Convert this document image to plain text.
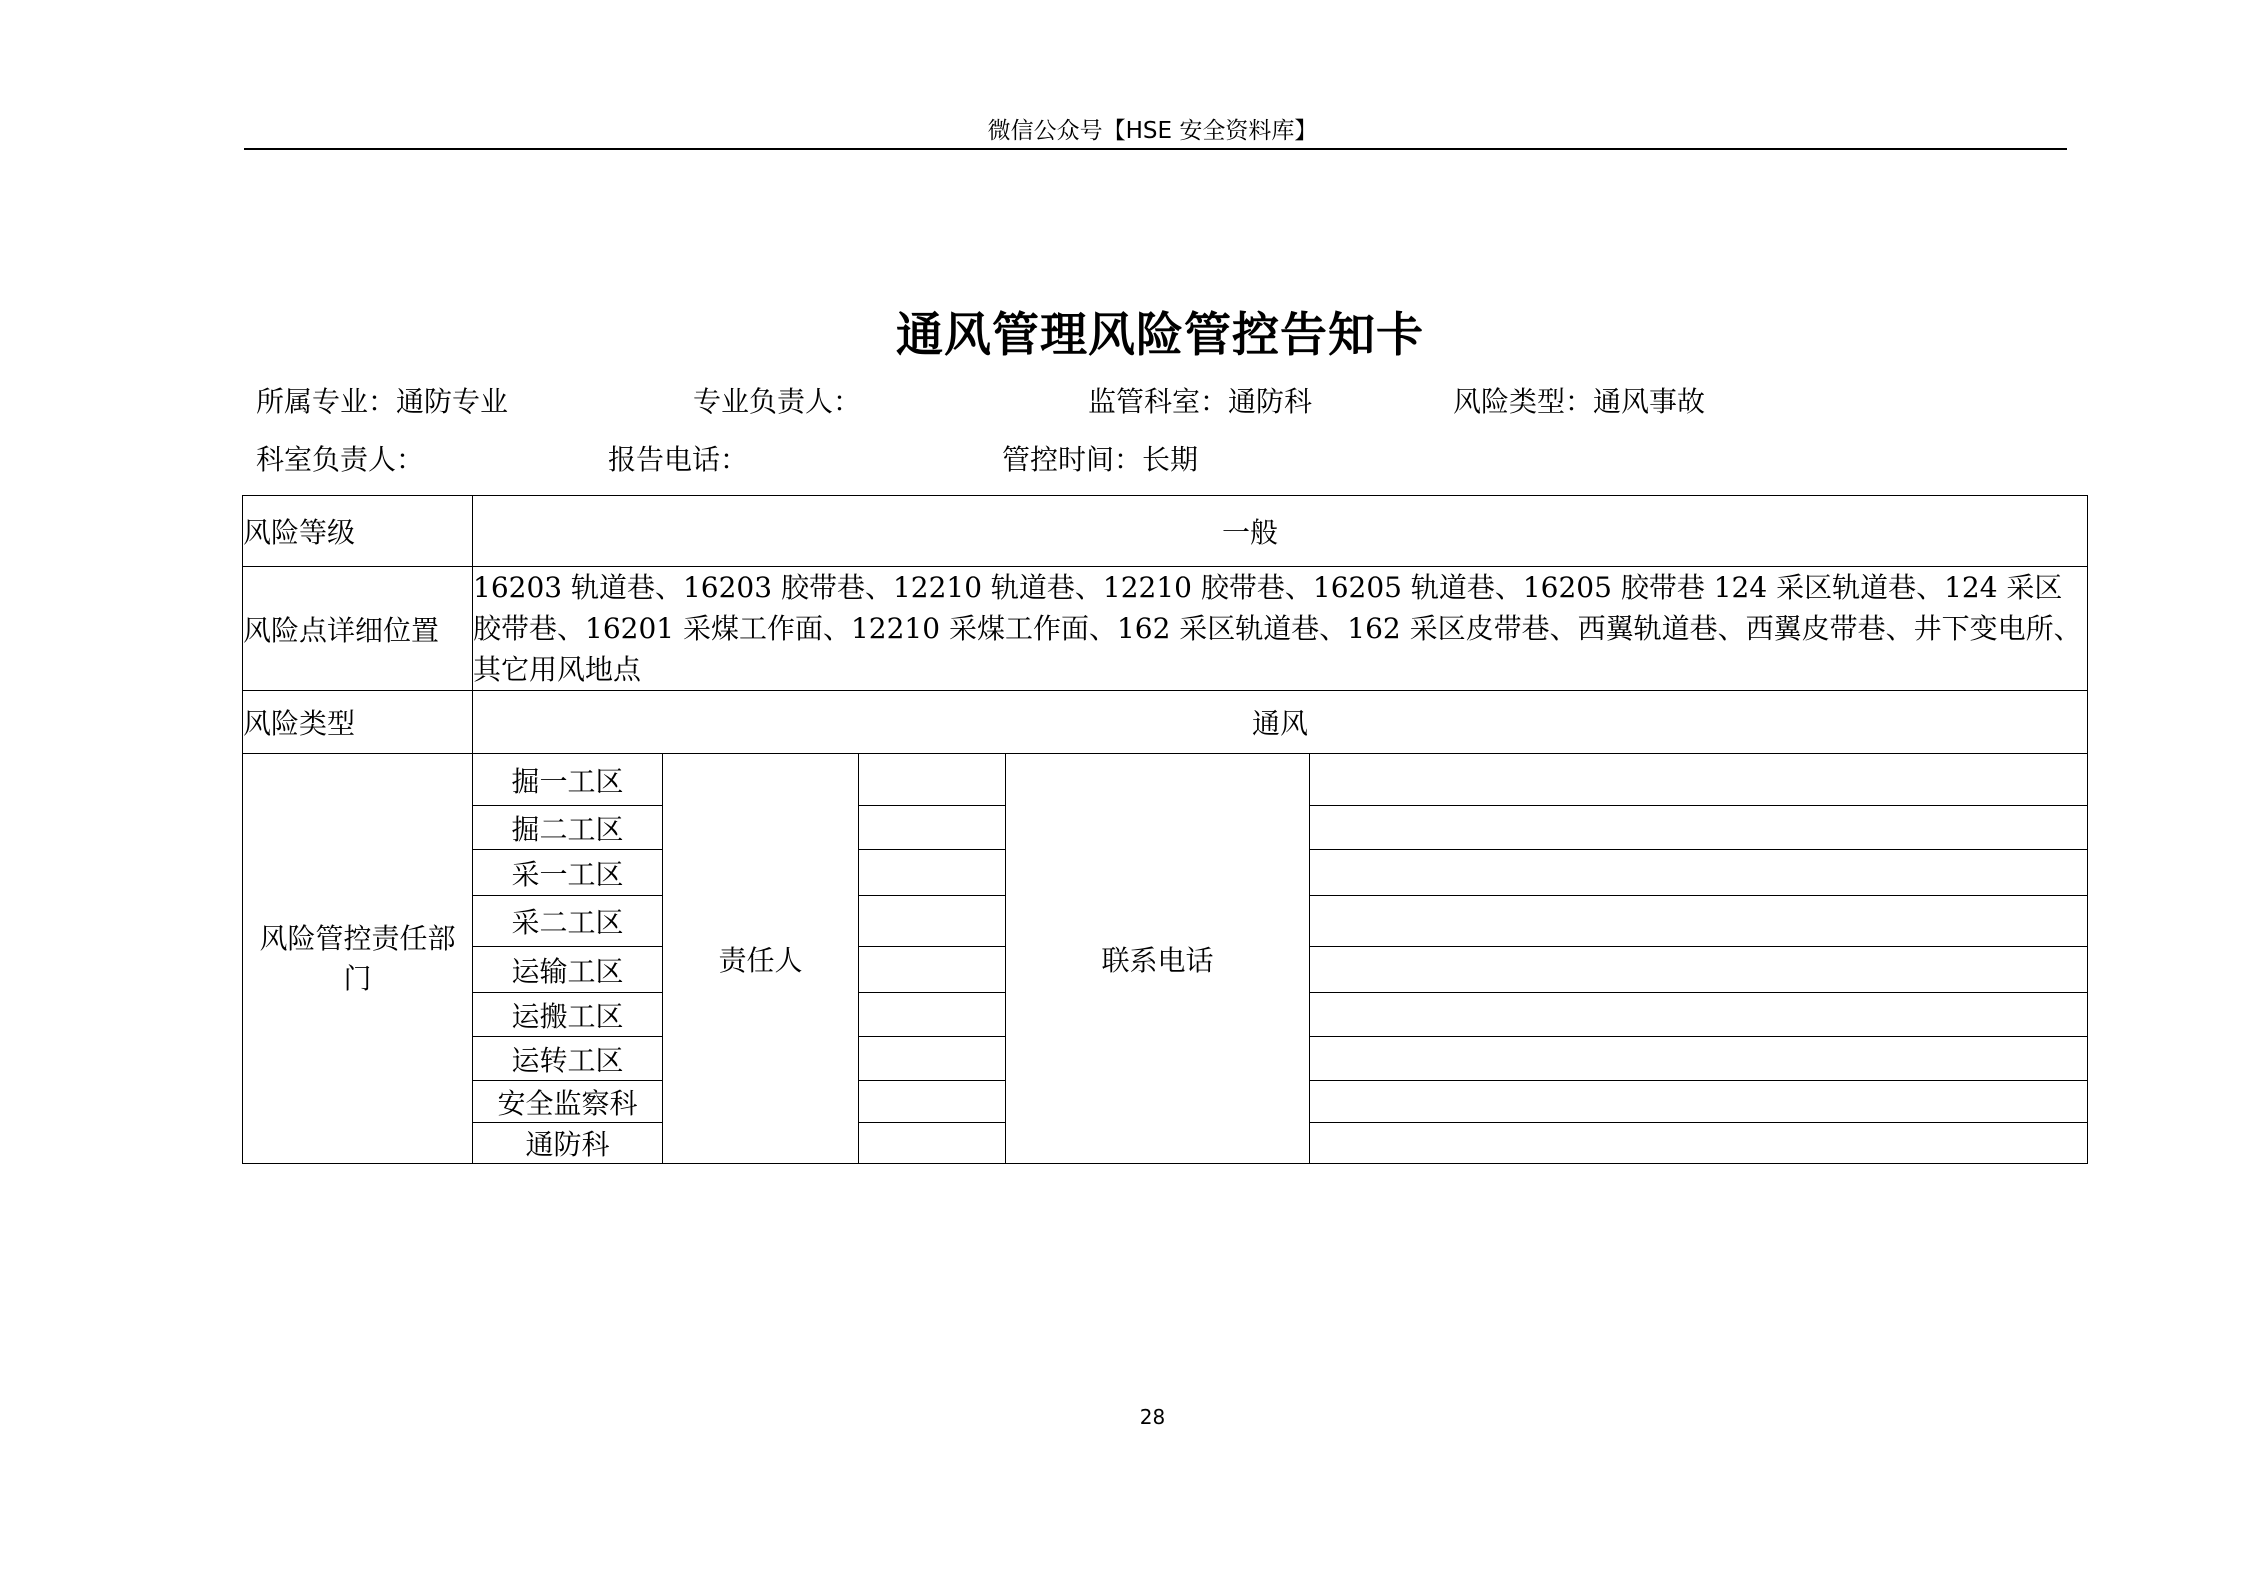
微信公众号【HSE 安全资料库】
通风管理风险管控告知卡
所属专业：通防专业	专业负责人：	监管科室：通防科	风险类型：通风事故
科室负责人：	报告电话：	管控时间：长期
风险等级	一般				
风险点详细位置	16203 轨道巷、16203 胶带巷、12210 轨道巷、12210 胶带巷、16205 轨道巷、16205 胶带巷 124 采区轨道巷、124 采区胶带巷、16201 采煤工作面、12210 采煤工作面、162 采区轨道巷、162 采区皮带巷、西翼轨道巷、西翼皮带巷、井下变电所、其它用风地点				
风险类型	通风				
风险管控责任部门	掘一工区	责任人		联系电话	
	掘二工区				
	采一工区				
	采二工区				
	运输工区				
	运搬工区				
	运转工区				
	安全监察科				
	通防科				
28
